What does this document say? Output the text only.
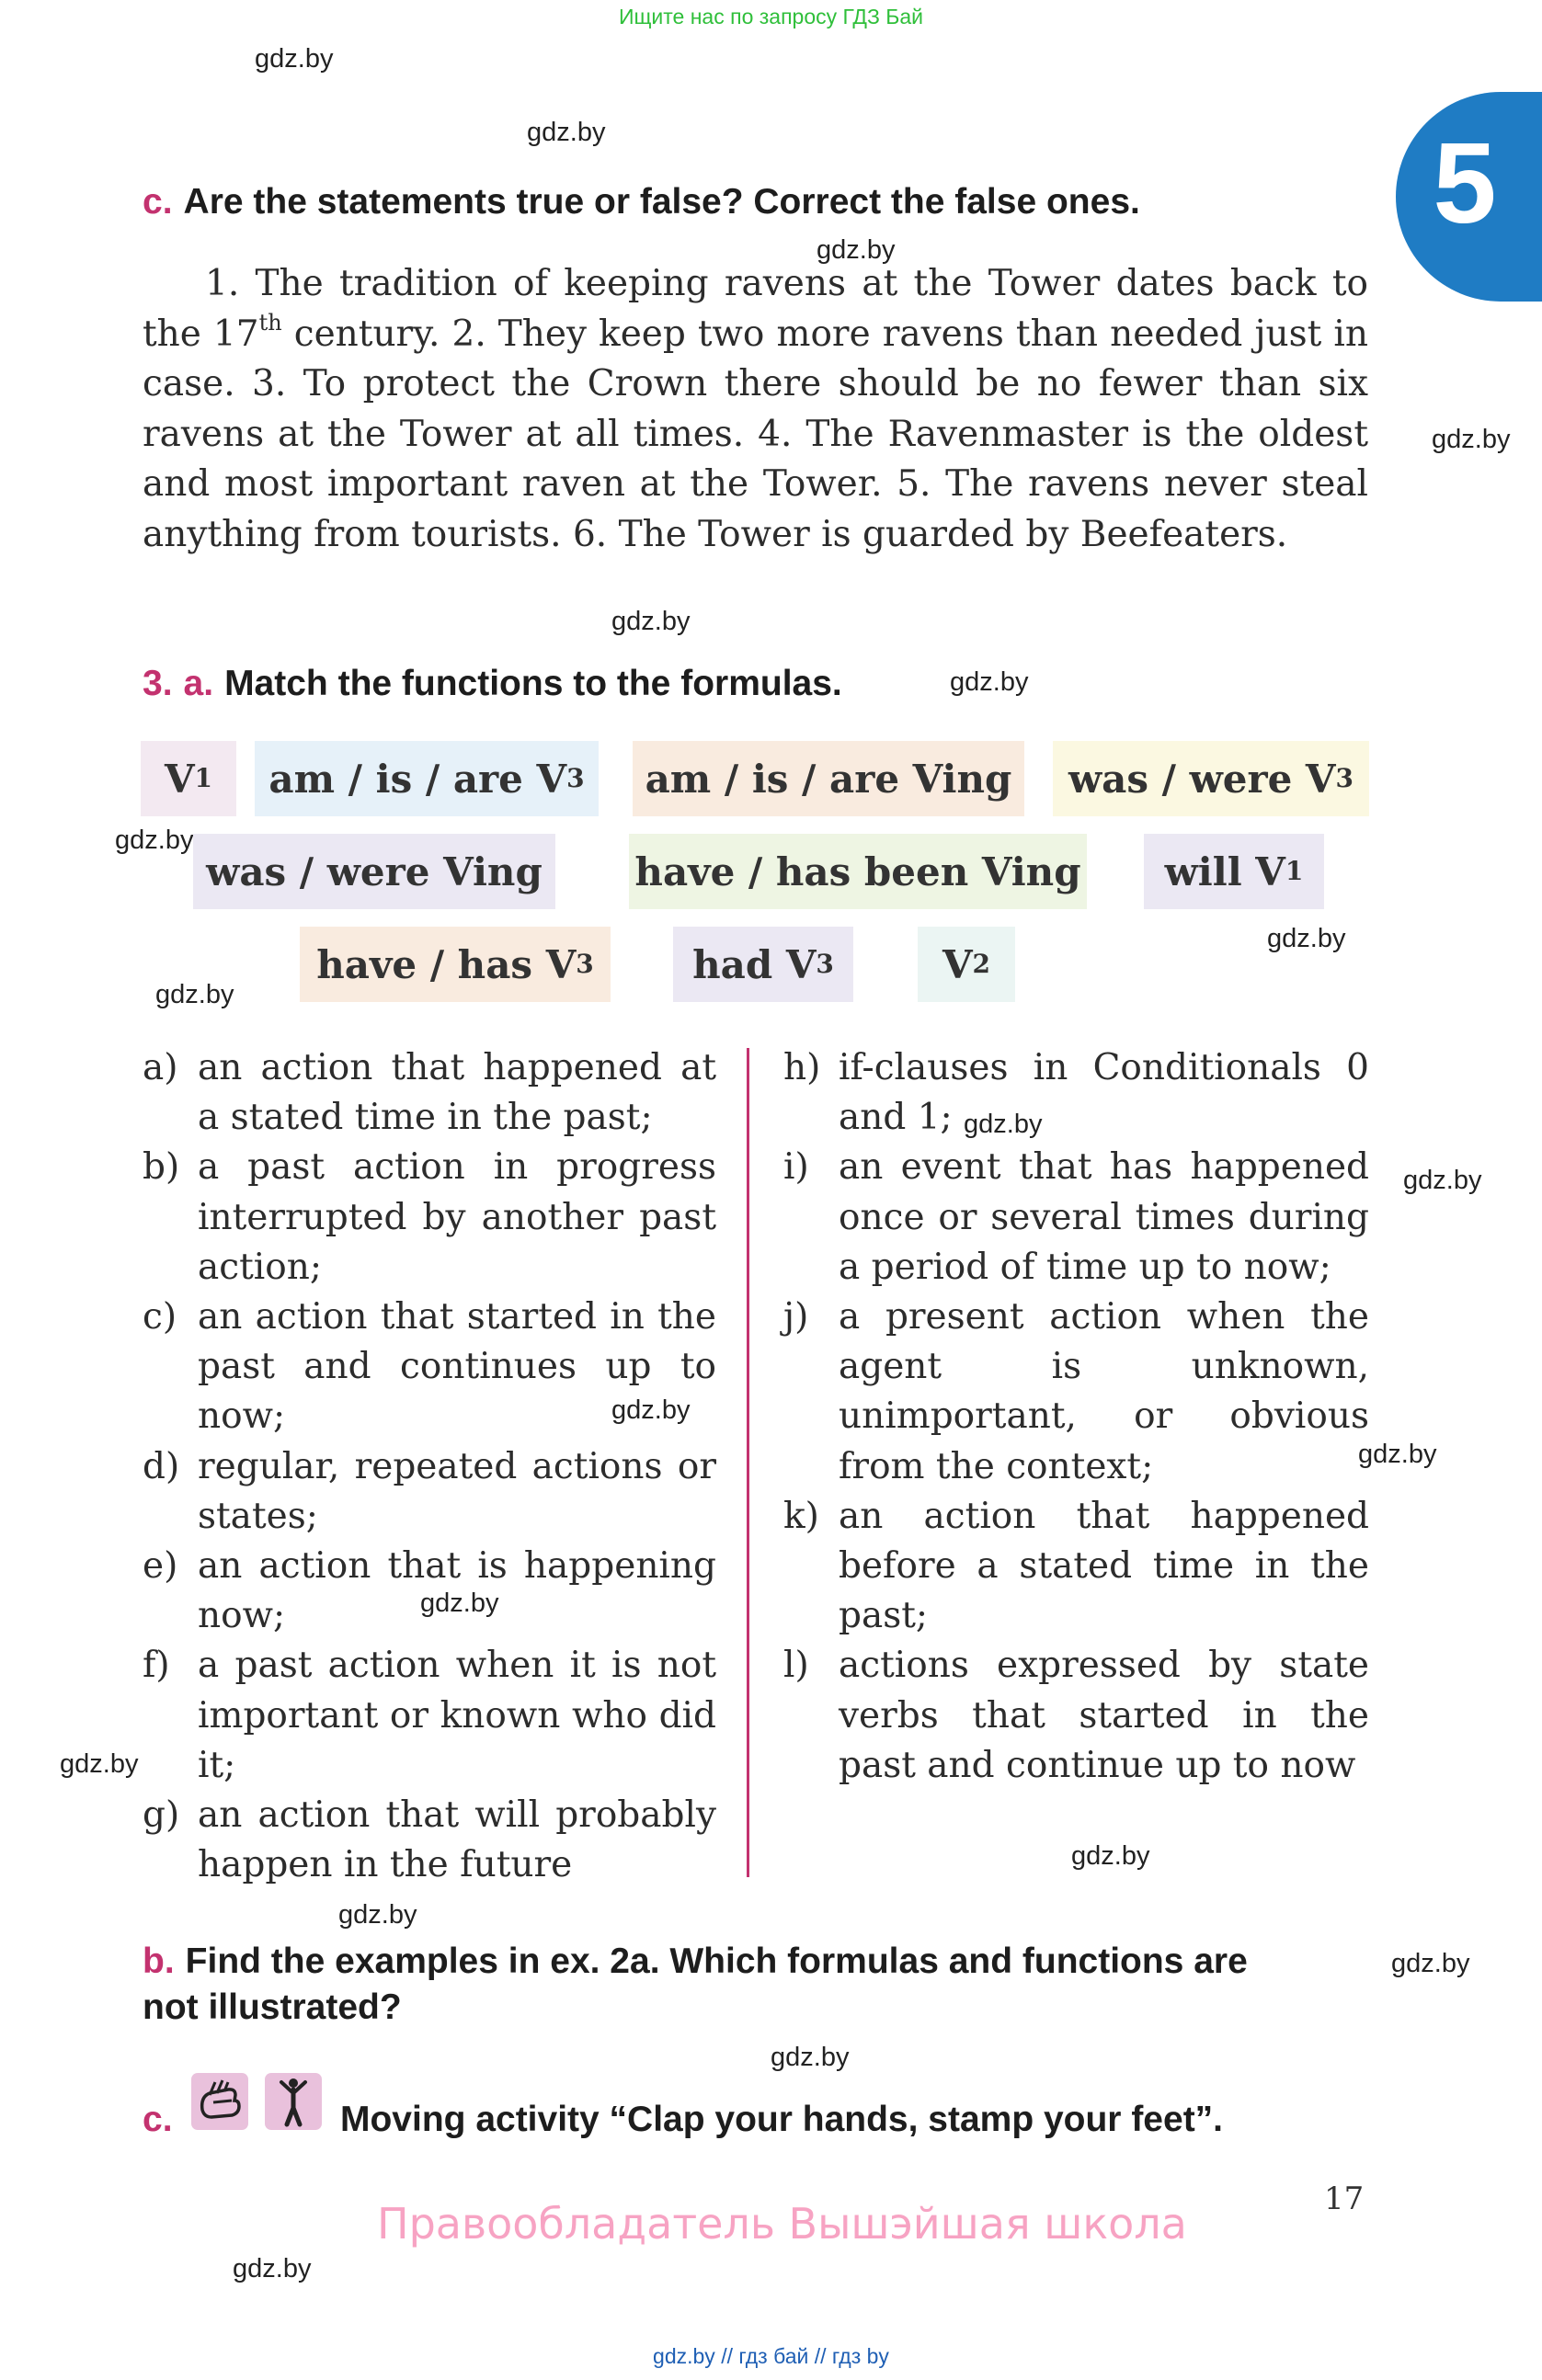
Ищите нас по запросу ГДЗ Бай
5
gdz.by
gdz.by
gdz.by
gdz.by
gdz.by
gdz.by
gdz.by
gdz.by
gdz.by
gdz.by
gdz.by
gdz.by
gdz.by
gdz.by
gdz.by
gdz.by
gdz.by
gdz.by
gdz.by
gdz.by
c. Are the statements true or false? Correct the false ones.
1. The tradition of keeping ravens at the Tower dates back to the 17th century. 2. They keep two more ravens than needed just in case. 3. To protect the Crown there should be no fewer than six ravens at the Tower at all times. 4. The Ravenmaster is the oldest and most important raven at the Tower. 5. The ravens never steal anything from tourists. 6. The Tower is guarded by Beefeaters.
3. a. Match the functions to the formulas.
V 1 am / is / are V 3 am / is / are Ving was / were V 3
was / were Ving have / has been Ving will V 1
have / has V 3	had V 3	V 2
a) an action that happened at a stated time in the past;
b) a past action in progress interrupted by another past action;
c) an action that started in the past and continues up to now;
d) regular, repeated actions or states;
e) an action that is happening now;
f) a past action when it is not important or known who did it;
g) an action that will probably happen in the future
h) if-clauses in Conditionals 0 and 1;
i) an event that has happened once or several times during a period of time up to now;
j) a present action when the agent is unknown, unimportant, or obvious from the context;
k) an action that happened before a stated time in the past;
l) actions expressed by state verbs that started in the past and continue up to now
b. Find the examples in ex. 2a. Which formulas and functions are
not illustrated?
c.	Moving activity “Clap your hands, stamp your feet”.
17
Правообладатель Вышэйшая школа
gdz.by // гдз бай // гдз by
